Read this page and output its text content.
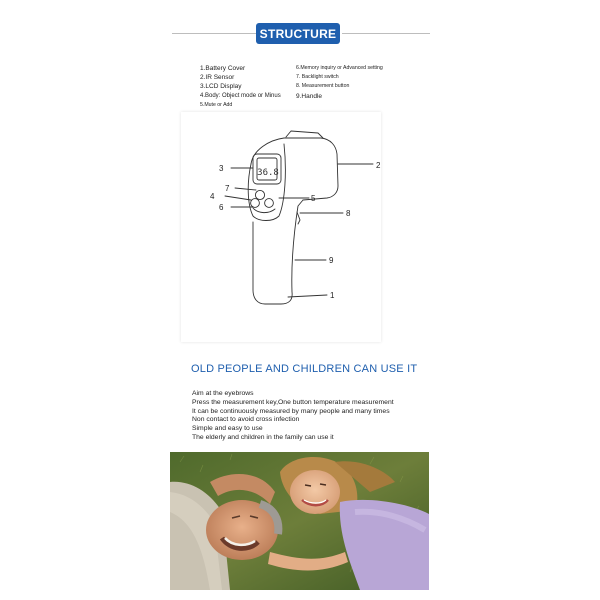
STRUCTURE
1.Battery Cover
2.IR Sensor
3.LCD Display
4.Body: Object mode or Minus
5.Mute or Add
6.Memory inquiry or Advanced setting
7. Backlight switch
8. Measurement button
9.Handle
36.8
1
2
3
4	5
6
7
8
9
OLD PEOPLE AND CHILDREN CAN USE IT
Aim at the eyebrows
Press the measurement key,One button temperature measurement
It can be continuously measured by many people and many times
Non contact to avoid cross infection
Simple and easy to use
The elderly and children in the family can use it
